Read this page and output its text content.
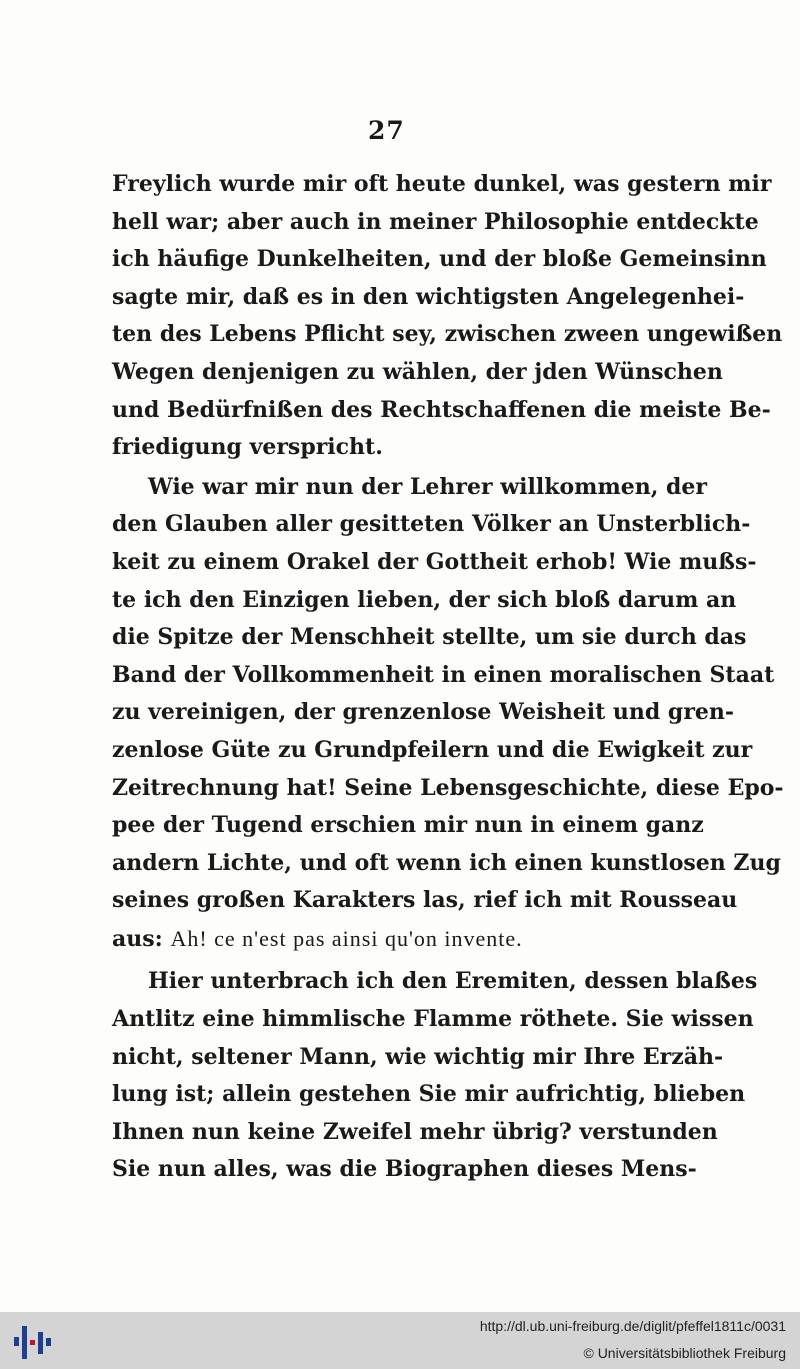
27
Freylich wurde mir oft heute dunkel, was gestern mir
hell war; aber auch in meiner Philosophie entdeckte
ich häufige Dunkelheiten, und der bloße Gemeinsinn
sagte mir, daß es in den wichtigsten Angelegenhei-
ten des Lebens Pflicht sey, zwischen zween ungewißen
Wegen denjenigen zu wählen, der jden Wünschen
und Bedürfnißen des Rechtschaffenen die meiste Be-
friedigung verspricht.
Wie war mir nun der Lehrer willkommen, der
den Glauben aller gesitteten Völker an Unsterblich-
keit zu einem Orakel der Gottheit erhob! Wie mußs-
te ich den Einzigen lieben, der sich bloß darum an
die Spitze der Menschheit stellte, um sie durch das
Band der Vollkommenheit in einen moralischen Staat
zu vereinigen, der grenzenlose Weisheit und gren-
zenlose Güte zu Grundpfeilern und die Ewigkeit zur
Zeitrechnung hat! Seine Lebensgeschichte, diese Epo-
pee der Tugend erschien mir nun in einem ganz
andern Lichte, und oft wenn ich einen kunstlosen Zug
seines großen Karakters las, rief ich mit Rousseau
aus: Ah! ce n'est pas ainsi qu'on invente.
Hier unterbrach ich den Eremiten, dessen blaßes
Antlitz eine himmlische Flamme röthete. Sie wissen
nicht, seltener Mann, wie wichtig mir Ihre Erzäh-
lung ist; allein gestehen Sie mir aufrichtig, blieben
Ihnen nun keine Zweifel mehr übrig? verstunden
Sie nun alles, was die Biographen dieses Mens-
http://dl.ub.uni-freiburg.de/diglit/pfeffel1811c/0031
© Universitätsbibliothek Freiburg
